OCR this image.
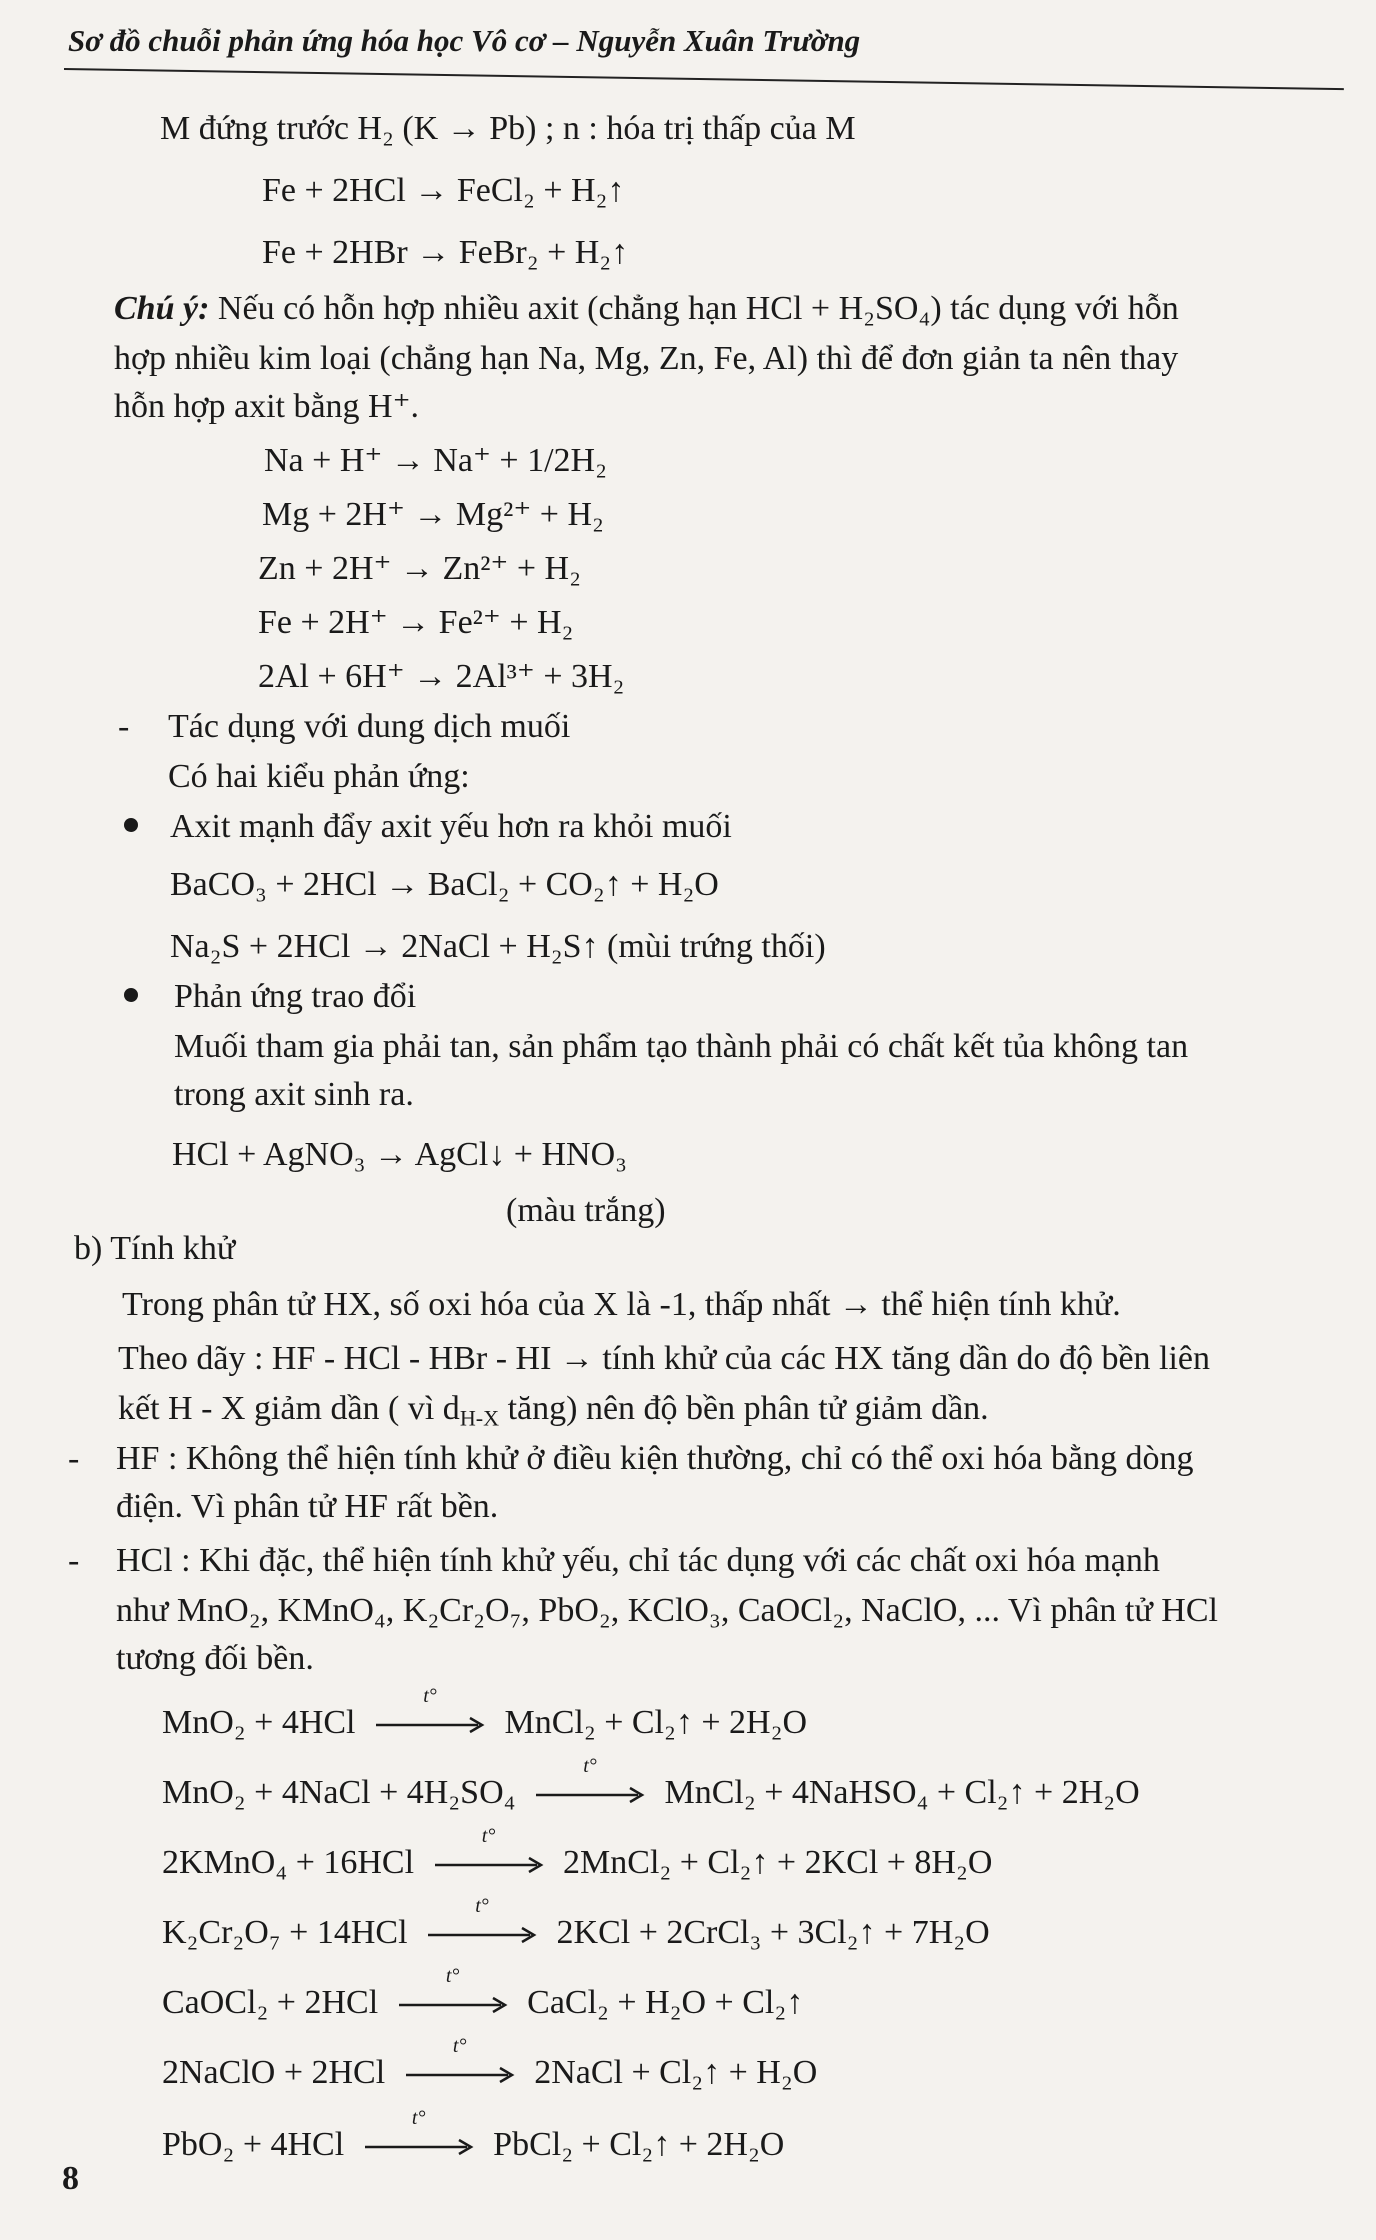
Sơ đồ chuỗi phản ứng hóa học Vô cơ – Nguyễn Xuân Trường
M đứng trước H₂ (K → Pb) ; n : hóa trị thấp của M
Fe + 2HCl → FeCl₂ + H₂↑
Fe + 2HBr → FeBr₂ + H₂↑
Chú ý: Nếu có hỗn hợp nhiều axit (chẳng hạn HCl + H₂SO₄) tác dụng với hỗn
hợp nhiều kim loại (chẳng hạn Na, Mg, Zn, Fe, Al) thì để đơn giản ta nên thay
hỗn hợp axit bằng H⁺.
Na + H⁺ → Na⁺ + 1/2H₂
Mg + 2H⁺ → Mg²⁺ + H₂
Zn + 2H⁺ → Zn²⁺ + H₂
Fe + 2H⁺ → Fe²⁺ + H₂
2Al + 6H⁺ → 2Al³⁺ + 3H₂
- Tác dụng với dung dịch muối
Có hai kiểu phản ứng:
Axit mạnh đẩy axit yếu hơn ra khỏi muối
BaCO₃ + 2HCl → BaCl₂ + CO₂↑ + H₂O
Na₂S + 2HCl → 2NaCl + H₂S↑ (mùi trứng thối)
Phản ứng trao đổi
Muối tham gia phải tan, sản phẩm tạo thành phải có chất kết tủa không tan
trong axit sinh ra.
HCl + AgNO₃ → AgCl↓ + HNO₃
(màu trắng)
b) Tính khử
Trong phân tử HX, số oxi hóa của X là -1, thấp nhất → thể hiện tính khử.
Theo dãy : HF - HCl - HBr - HI → tính khử của các HX tăng dần do độ bền liên
kết H - X giảm dần ( vì $d_{H-X}$ tăng) nên độ bền phân tử giảm dần.
- HF : Không thể hiện tính khử ở điều kiện thường, chỉ có thể oxi hóa bằng dòng
điện. Vì phân tử HF rất bền.
- HCl : Khi đặc, thể hiện tính khử yếu, chỉ tác dụng với các chất oxi hóa mạnh
như MnO₂, KMnO₄, K₂Cr₂O₇, PbO₂, KClO₃, CaOCl₂, NaClO, ... Vì phân tử HCl
tương đối bền.
MnO₂ + 4HCl
t°
MnCl₂ + Cl₂↑ + 2H₂O
MnO₂ + 4NaCl + 4H₂SO₄
t°
MnCl₂ + 4NaHSO₄ + Cl₂↑ + 2H₂O
2KMnO₄ + 16HCl
t°
2MnCl₂ + Cl₂↑ + 2KCl + 8H₂O
K₂Cr₂O₇ + 14HCl
t°
2KCl + 2CrCl₃ + 3Cl₂↑ + 7H₂O
CaOCl₂ + 2HCl
t°
CaCl₂ + H₂O + Cl₂↑
2NaClO + 2HCl
t°
2NaCl + Cl₂↑ + H₂O
PbO₂ + 4HCl
t°
PbCl₂ + Cl₂↑ + 2H₂O
8
